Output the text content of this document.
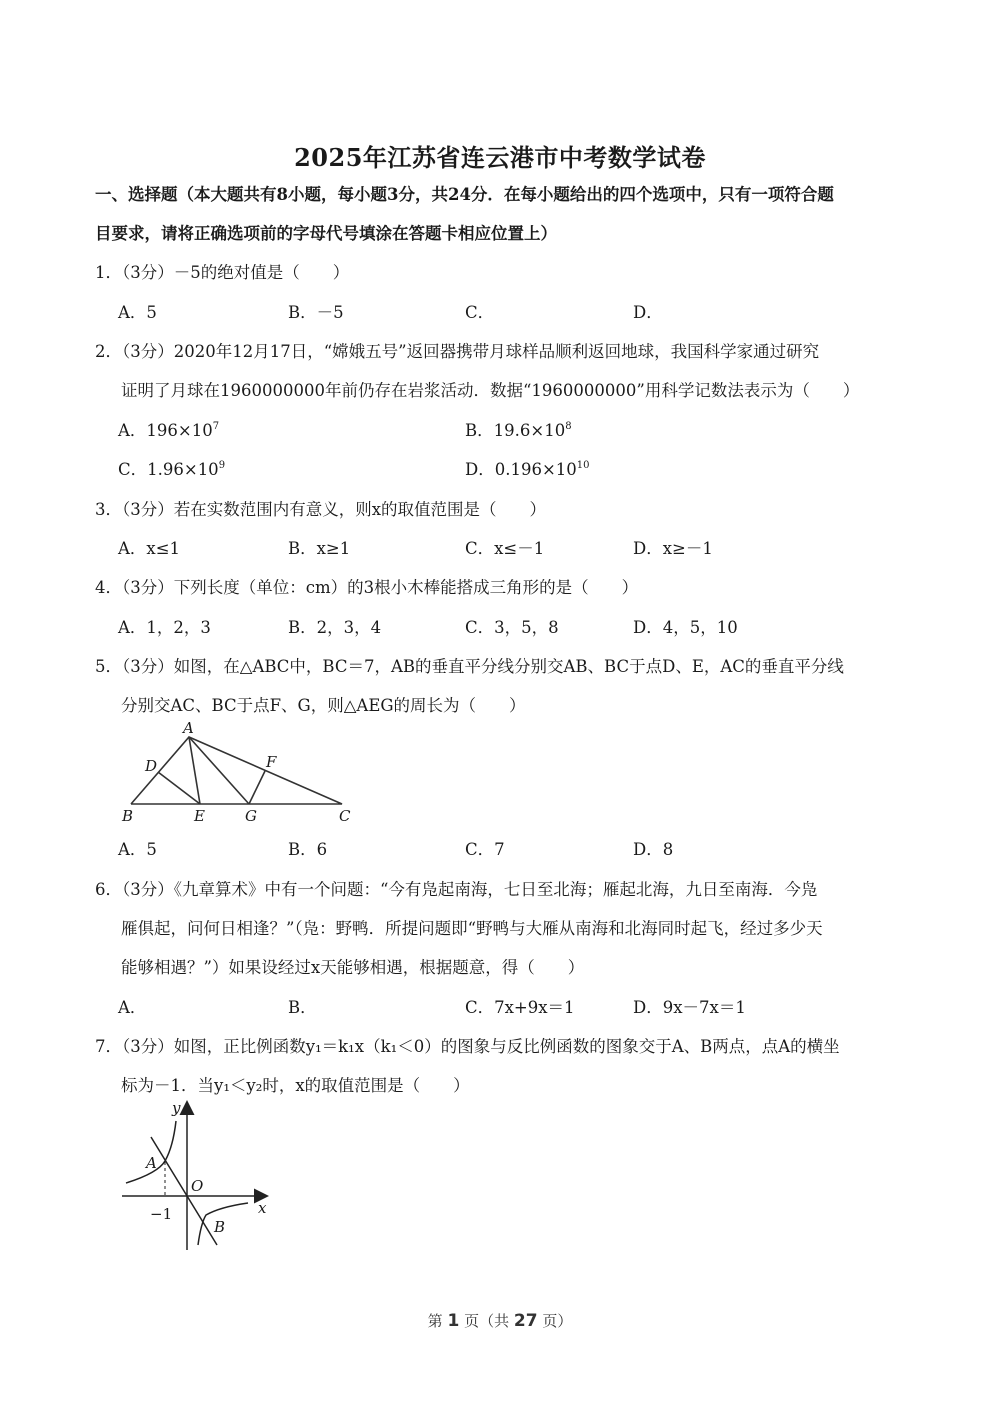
2025年江苏省连云港市中考数学试卷
一、选择题（本大题共有8小题，每小题3分，共24分．在每小题给出的四个选项中，只有一项符合题
目要求，请将正确选项前的字母代号填涂在答题卡相应位置上）
1．（3分）－5的绝对值是（　　）
A．5	B．－5	C．	D．
2．（3分）2020年12月17日，“嫦娥五号”返回器携带月球样品顺利返回地球，我国科学家通过研究
证明了月球在1960000000年前仍存在岩浆活动．数据“1960000000”用科学记数法表示为（　　）
A．$196\times 10^7$	B．$19.6\times 10^8$
C．$1.96\times 10^9$	D．$0.196\times 10^{10}$
3．（3分）若在实数范围内有意义，则x的取值范围是（　　）
A．x≤1	B．x≥1	C．x≤－1	D．x≥－1
4．（3分）下列长度（单位：cm）的3根小木棒能搭成三角形的是（　　）
A．1，2，3	B．2，3，4	C．3，5，8	D．4，5，10
5．（3分）如图，在△ABC中，BC＝7，AB的垂直平分线分别交AB、BC于点D、E，AC的垂直平分线
分别交AC、BC于点F、G，则△AEG的周长为（　　）
A
D	F
B	E	G	C
A．5	B．6	C．7	D．8
6．（3分）《九章算术》中有一个问题：“今有凫起南海，七日至北海；雁起北海，九日至南海．今凫
雁俱起，问何日相逢？”（凫：野鸭．所提问题即“野鸭与大雁从南海和北海同时起飞，经过多少天
能够相遇？”）如果设经过x天能够相遇，根据题意，得（　　）
A．	B．	C．7x+9x＝1	D．9x－7x＝1
7．（3分）如图，正比例函数y₁＝k₁x（k₁＜0）的图象与反比例函数的图象交于A、B两点，点A的横坐
标为－1．当y₁＜y₂时，x的取值范围是（　　）
y
x
O
A
B
−1
第 1 页（共 27 页）
